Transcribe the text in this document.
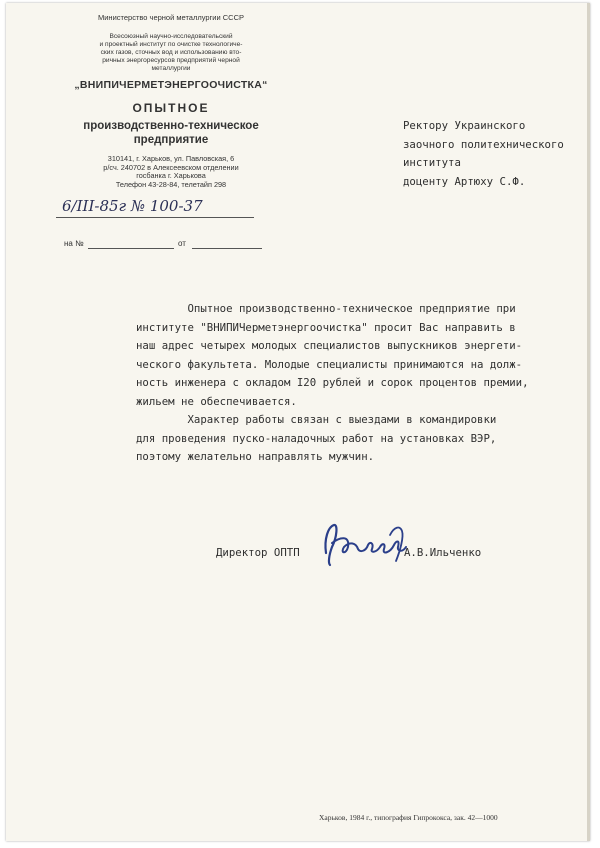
Министерство черной металлургии СССР
Всесоюзный научно-исследовательский
и проектный институт по очистке технологиче-
ских газов, сточных вод и использованию вто-
ричных энергоресурсов предприятий черной
металлургии
„ВНИПИЧЕРМЕТЭНЕРГООЧИСТКА“
ОПЫТНОЕ
производственно-техническое
предприятие
310141, г. Харьков, ул. Павловская, 6
р/сч. 240702 в Алексеевском отделении
госбанка г. Харькова
Телефон 43-28-84, телетайп 298
6/III-85г № 100-37
на №	от
Ректору Украинского
заочного политехнического
института
доценту Артюху С.Ф.
Опытное производственно-техническое предприятие при
институте "ВНИПИЧерметэнергоочистка" просит Вас направить в
наш адрес четырех молодых специалистов выпускников энергети-
ческого факультета. Молодые специалисты принимаются на долж-
ность инженера с окладом I20 рублей и сорок процентов премии,
жильем не обеспечивается.
Характер работы связан с выездами в командировки
для проведения пуско-наладочных работ на установках ВЭР,
поэтому желательно направлять мужчин.
Директор ОПТП	А.В.Ильченко
Харьков, 1984 г., типография Гипрококса, зак. 42—1000
